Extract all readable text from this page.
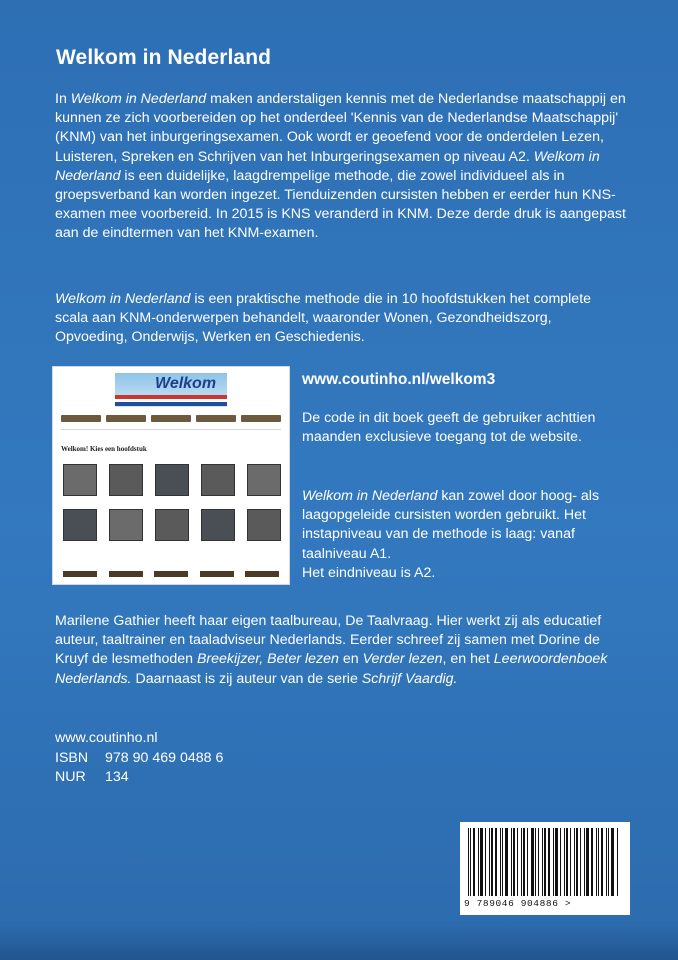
Welkom in Nederland
In Welkom in Nederland maken anderstaligen kennis met de Nederlandse maatschappij en kunnen ze zich voorbereiden op het onderdeel 'Kennis van de Nederlandse Maatschappij' (KNM) van het inburgeringsexamen. Ook wordt er geoefend voor de onderdelen Lezen, Luisteren, Spreken en Schrijven van het Inburgeringsexamen op niveau A2. Welkom in Nederland is een duidelijke, laagdrempelige methode, die zowel individueel als in groepsverband kan worden ingezet. Tienduizenden cursisten hebben er eerder hun KNS-examen mee voorbereid. In 2015 is KNS veranderd in KNM. Deze derde druk is aangepast aan de eindtermen van het KNM-examen.
Welkom in Nederland is een praktische methode die in 10 hoofdstukken het complete scala aan KNM-onderwerpen behandelt, waaronder Wonen, Gezondheidszorg, Opvoeding, Onderwijs, Werken en Geschiedenis.
Welkom
Welkom! Kies een hoofdstuk
www.coutinho.nl/welkom3
De code in dit boek geeft de gebruiker achttien maanden exclusieve toegang tot de website.
Welkom in Nederland kan zowel door hoog- als laagopgeleide cursisten worden gebruikt. Het instapniveau van de methode is laag: vanaf taalniveau A1.
Het eindniveau is A2.
Marilene Gathier heeft haar eigen taalbureau, De Taalvraag. Hier werkt zij als educatief auteur, taaltrainer en taaladviseur Nederlands. Eerder schreef zij samen met Dorine de Kruyf de lesmethoden Breekijzer, Beter lezen en Verder lezen, en het Leerwoordenboek Nederlands. Daarnaast is zij auteur van de serie Schrijf Vaardig.
www.coutinho.nl
ISBN	978 90 469 0488 6
NUR	134
9 789046 904886 >
